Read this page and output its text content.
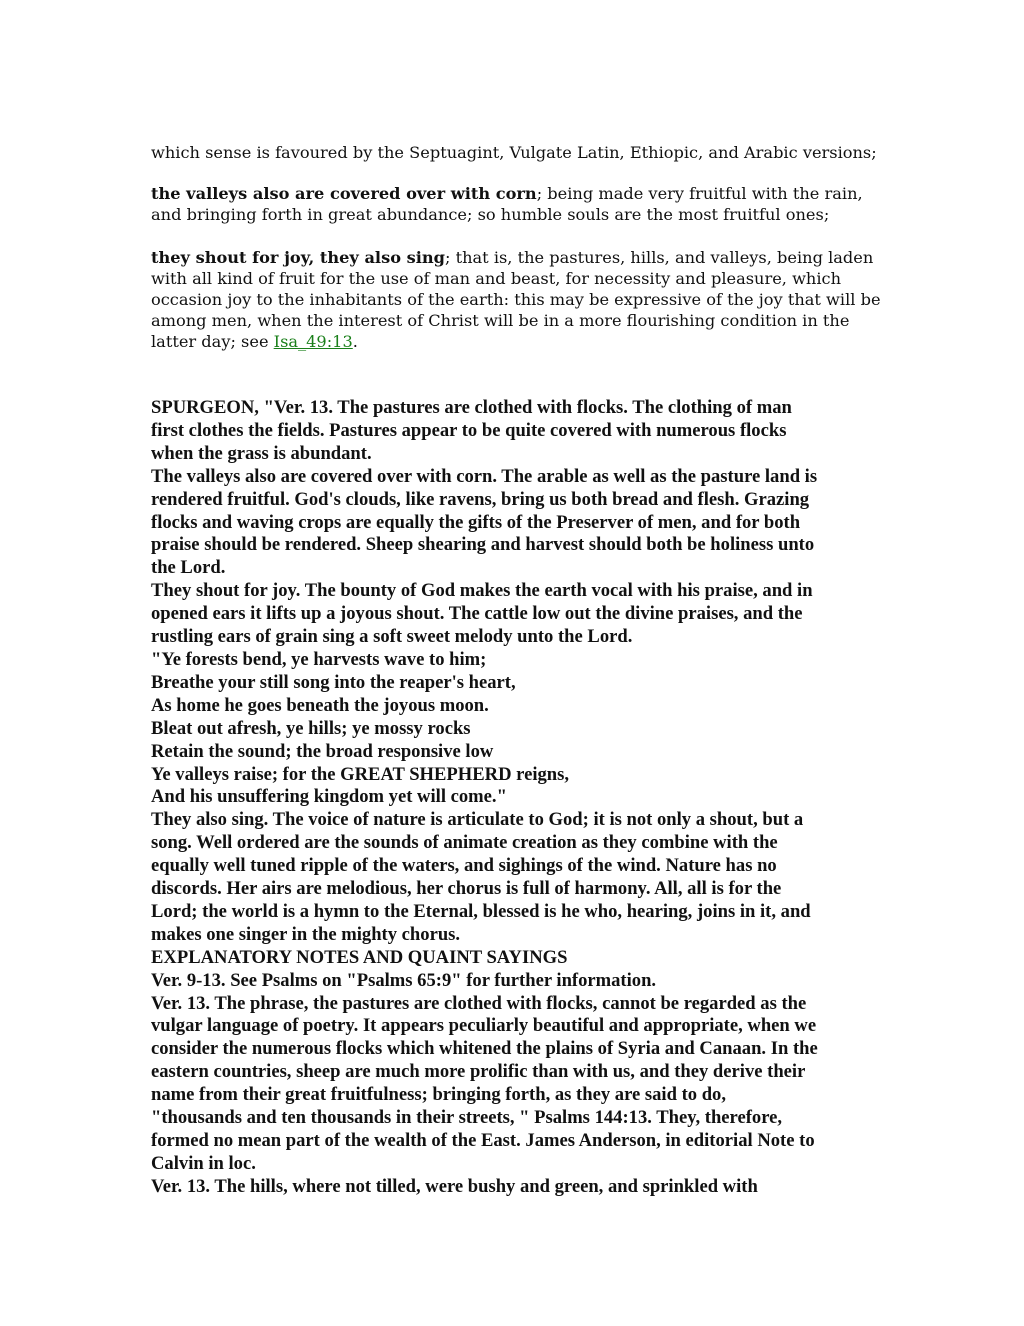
which sense is favoured by the Septuagint, Vulgate Latin, Ethiopic, and Arabic versions;

the valleys also are covered over with corn; being made very fruitful with the rain,
and bringing forth in great abundance; so humble souls are the most fruitful ones;

they shout for joy, they also sing; that is, the pastures, hills, and valleys, being laden
with all kind of fruit for the use of man and beast, for necessity and pleasure, which
occasion joy to the inhabitants of the earth: this may be expressive of the joy that will be
among men, when the interest of Christ will be in a more flourishing condition in the
latter day; see Isa_49:13.

SPURGEON, "Ver. 13. The pastures are clothed with flocks. The clothing of man
first clothes the fields. Pastures appear to be quite covered with numerous flocks
when the grass is abundant.
The valleys also are covered over with corn. The arable as well as the pasture land is
rendered fruitful. God's clouds, like ravens, bring us both bread and flesh. Grazing
flocks and waving crops are equally the gifts of the Preserver of men, and for both
praise should be rendered. Sheep shearing and harvest should both be holiness unto
the Lord.
They shout for joy. The bounty of God makes the earth vocal with his praise, and in
opened ears it lifts up a joyous shout. The cattle low out the divine praises, and the
rustling ears of grain sing a soft sweet melody unto the Lord.
"Ye forests bend, ye harvests wave to him;
Breathe your still song into the reaper's heart,
As home he goes beneath the joyous moon.
Bleat out afresh, ye hills; ye mossy rocks
Retain the sound; the broad responsive low
Ye valleys raise; for the GREAT SHEPHERD reigns,
And his unsuffering kingdom yet will come."
They also sing. The voice of nature is articulate to God; it is not only a shout, but a
song. Well ordered are the sounds of animate creation as they combine with the
equally well tuned ripple of the waters, and sighings of the wind. Nature has no
discords. Her airs are melodious, her chorus is full of harmony. All, all is for the
Lord; the world is a hymn to the Eternal, blessed is he who, hearing, joins in it, and
makes one singer in the mighty chorus.
EXPLANATORY NOTES AND QUAINT SAYINGS
Ver. 9-13. See Psalms on "Psalms 65:9" for further information.
Ver. 13. The phrase, the pastures are clothed with flocks, cannot be regarded as the
vulgar language of poetry. It appears peculiarly beautiful and appropriate, when we
consider the numerous flocks which whitened the plains of Syria and Canaan. In the
eastern countries, sheep are much more prolific than with us, and they derive their
name from their great fruitfulness; bringing forth, as they are said to do,
"thousands and ten thousands in their streets, " Psalms 144:13. They, therefore,
formed no mean part of the wealth of the East. James Anderson, in editorial Note to
Calvin in loc.
Ver. 13. The hills, where not tilled, were bushy and green, and sprinkled with
